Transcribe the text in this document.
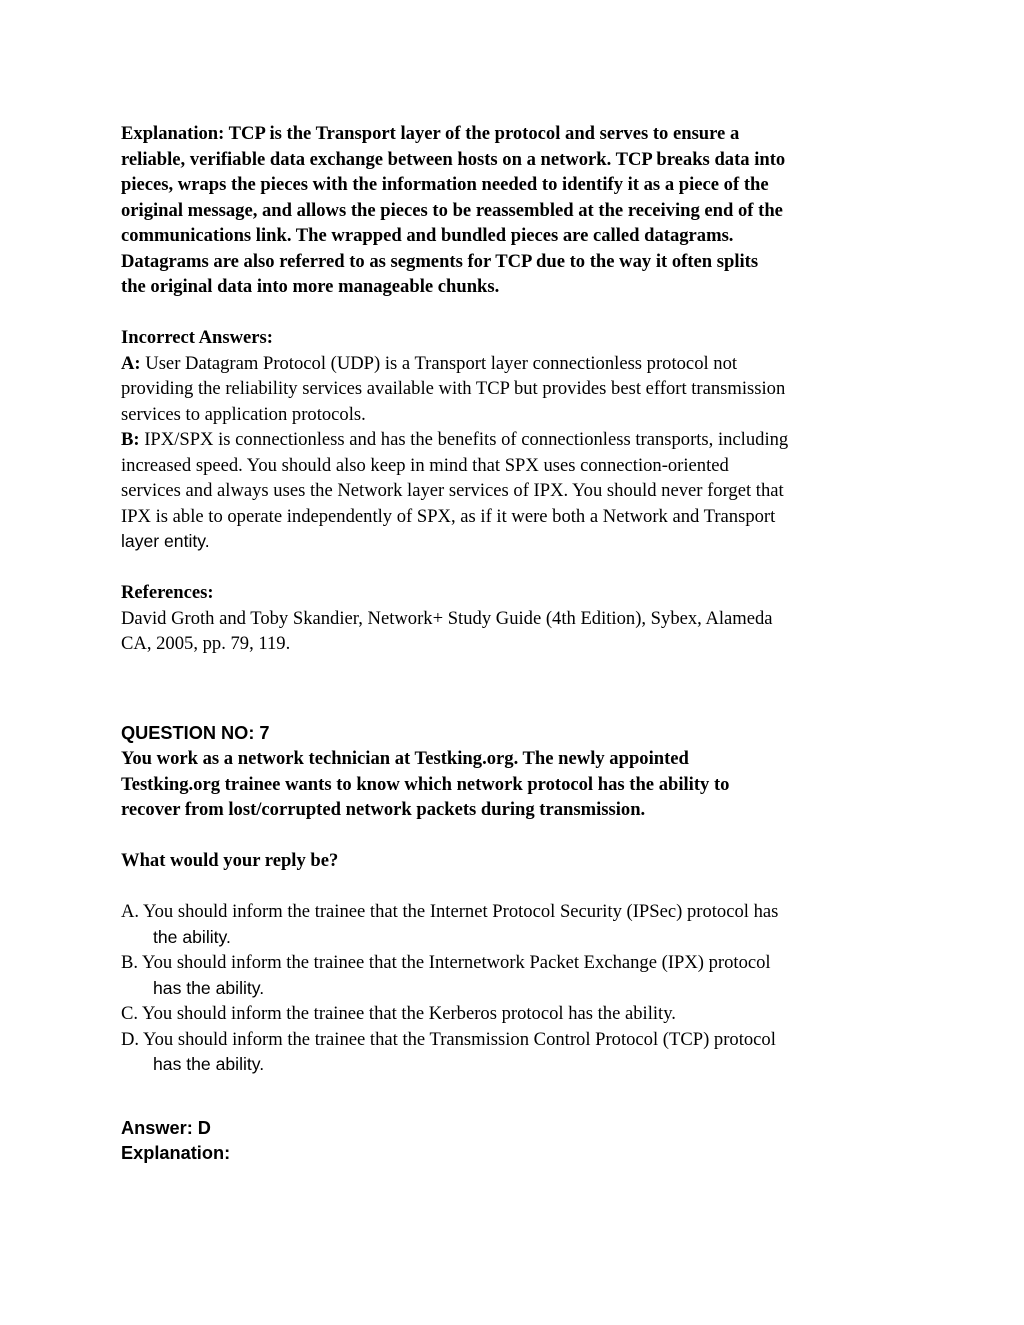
Explanation: TCP is the Transport layer of the protocol and serves to ensure a

reliable, verifiable data exchange between hosts on a network. TCP breaks data into

pieces, wraps the pieces with the information needed to identify it as a piece of the

original message, and allows the pieces to be reassembled at the receiving end of the

communications link. The wrapped and bundled pieces are called datagrams.

Datagrams are also referred to as segments for TCP due to the way it often splits

the original data into more manageable chunks.

Incorrect Answers:

A: User Datagram Protocol (UDP) is a Transport layer connectionless protocol not

providing the reliability services available with TCP but provides best effort transmission

services to application protocols.

B: IPX/SPX is connectionless and has the benefits of connectionless transports, including

increased speed. You should also keep in mind that SPX uses connection-oriented

services and always uses the Network layer services of IPX. You should never forget that

IPX is able to operate independently of SPX, as if it were both a Network and Transport

layer entity.

References:

David Groth and Toby Skandier, Network+ Study Guide (4th Edition), Sybex, Alameda

CA, 2005, pp. 79, 119.

QUESTION NO: 7

You work as a network technician at Testking.org. The newly appointed

Testking.org trainee wants to know which network protocol has the ability to

recover from lost/corrupted network packets during transmission.

What would your reply be?

A. You should inform the trainee that the Internet Protocol Security (IPSec) protocol has

the ability.

B. You should inform the trainee that the Internetwork Packet Exchange (IPX) protocol

has the ability.

C. You should inform the trainee that the Kerberos protocol has the ability.

D. You should inform the trainee that the Transmission Control Protocol (TCP) protocol

has the ability.

Answer: D

Explanation:
